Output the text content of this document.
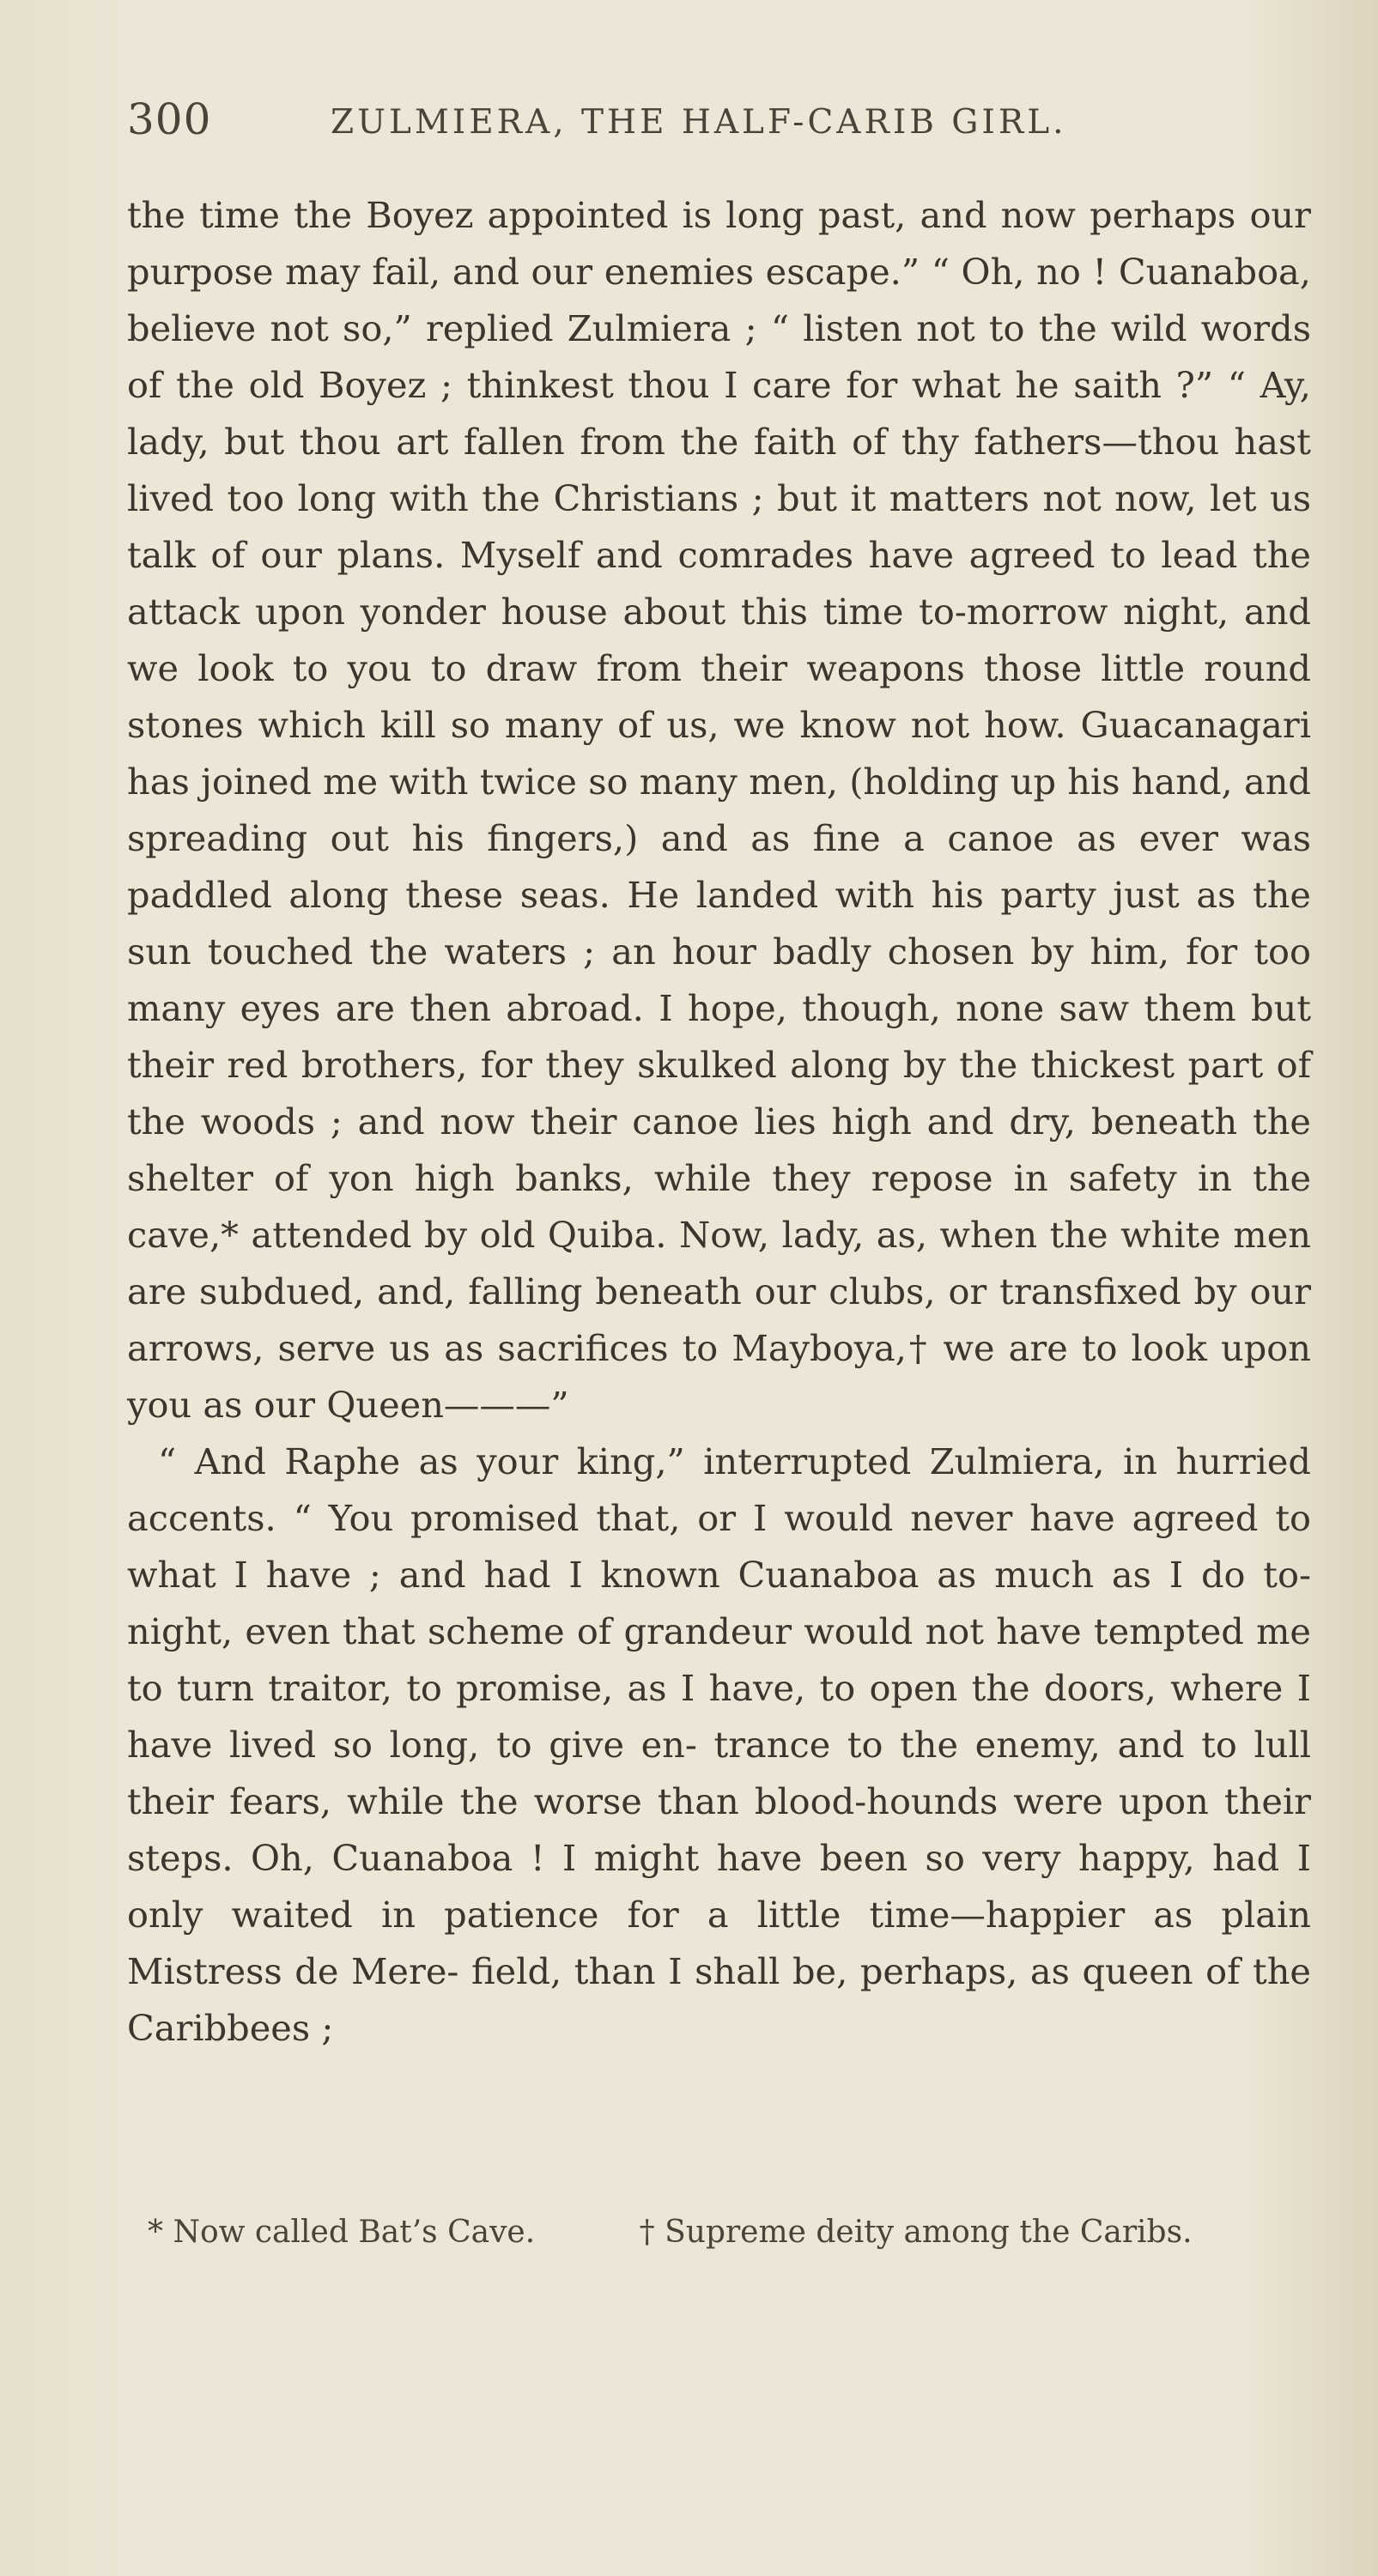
300	ZULMIERA, THE HALF-CARIB GIRL.

the time the Boyez appointed is long past, and now perhaps our purpose may fail, and our enemies escape.” “ Oh, no ! Cuanaboa, believe not so,” replied Zulmiera ; “ listen not to the wild words of the old Boyez ; thinkest thou I care for what he saith ?” “ Ay, lady, but thou art fallen from the faith of thy fathers—thou hast lived too long with the Christians ; but it matters not now, let us talk of our plans. Myself and comrades have agreed to lead the attack upon yonder house about this time to-morrow night, and we look to you to draw from their weapons those little round stones which kill so many of us, we know not how. Guacanagari has joined me with twice so many men, (holding up his hand, and spreading out his fingers,) and as fine a canoe as ever was paddled along these seas. He landed with his party just as the sun touched the waters ; an hour badly chosen by him, for too many eyes are then abroad. I hope, though, none saw them but their red brothers, for they skulked along by the thickest part of the woods ; and now their canoe lies high and dry, beneath the shelter of yon high banks, while they repose in safety in the cave,* attended by old Quiba. Now, lady, as, when the white men are subdued, and, falling beneath our clubs, or transfixed by our arrows, serve us as sacrifices to Mayboya,† we are to look upon you as our Queen———”

“ And Raphe as your king,” interrupted Zulmiera, in hurried accents. “ You promised that, or I would never have agreed to what I have ; and had I known Cuanaboa as much as I do to-night, even that scheme of grandeur would not have tempted me to turn traitor, to promise, as I have, to open the doors, where I have lived so long, to give en- trance to the enemy, and to lull their fears, while the worse than blood-hounds were upon their steps. Oh, Cuanaboa ! I might have been so very happy, had I only waited in patience for a little time—happier as plain Mistress de Mere- field, than I shall be, perhaps, as queen of the Caribbees ;

* Now called Bat’s Cave.	† Supreme deity among the Caribs.
